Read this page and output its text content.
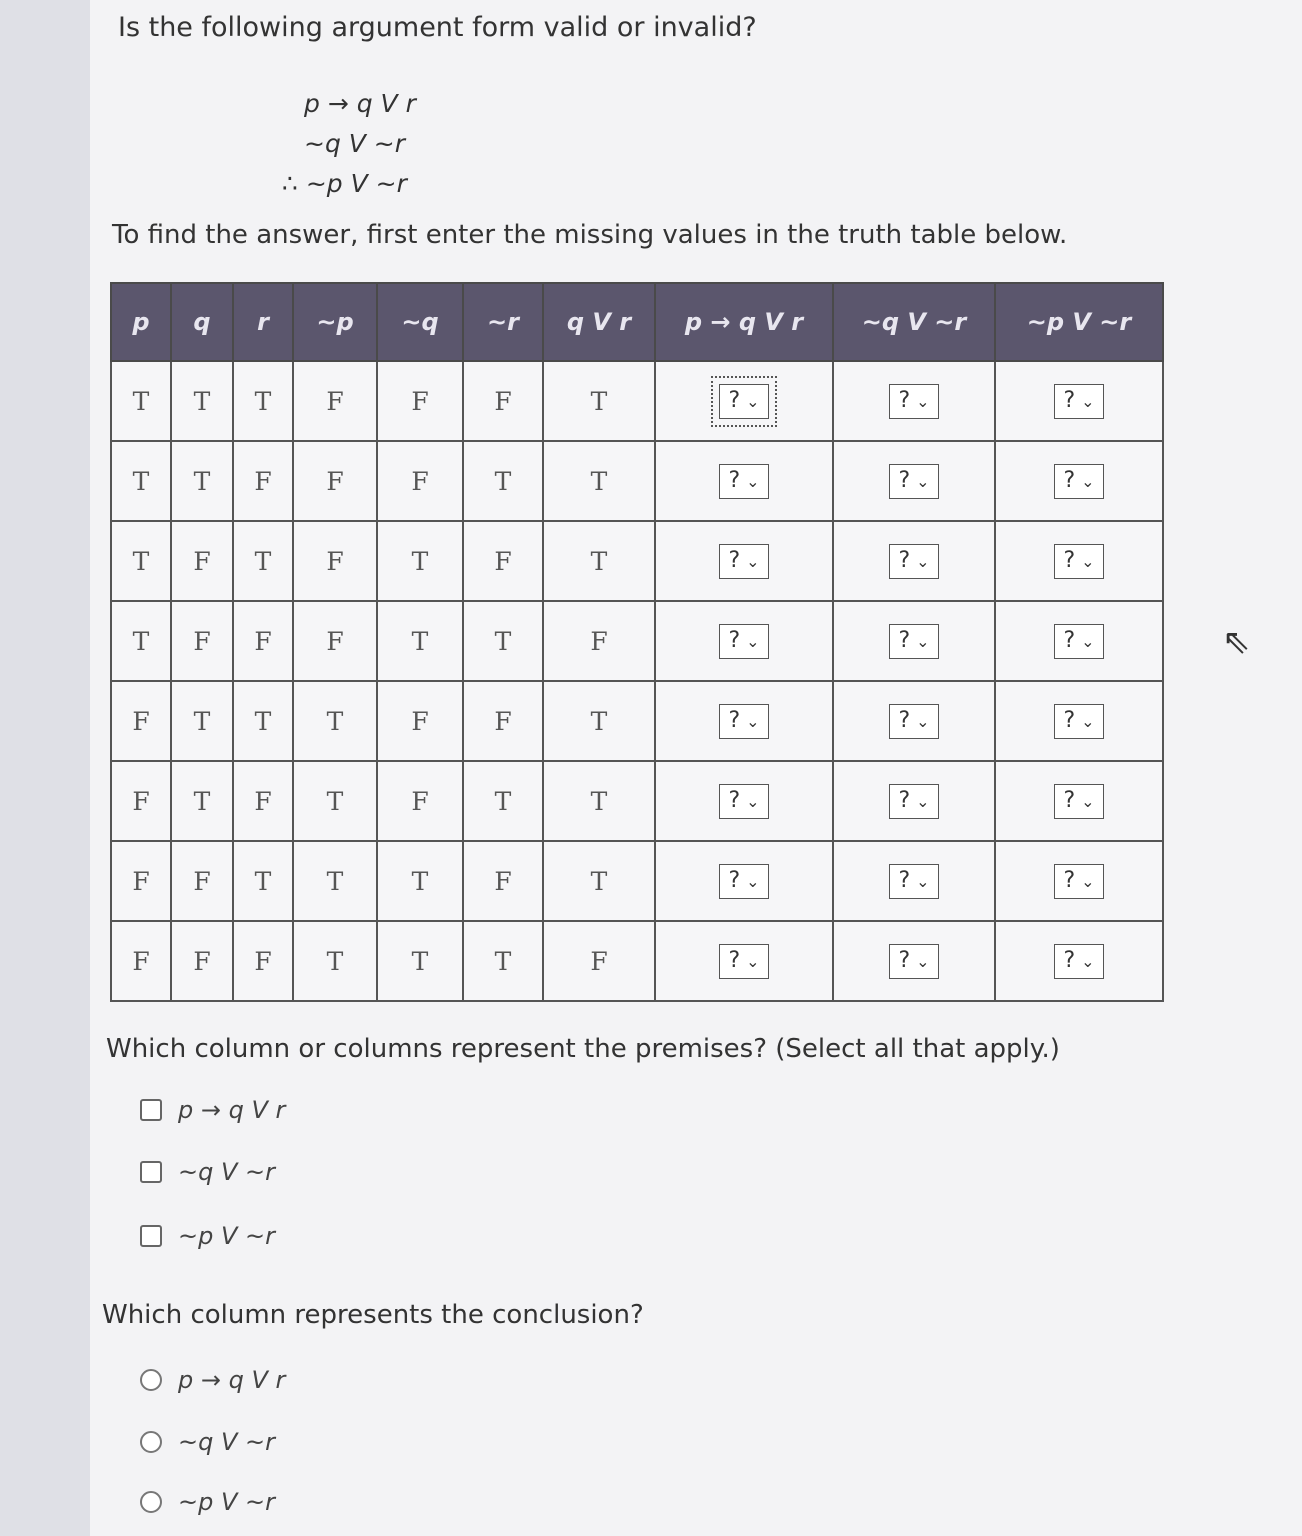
Is the following argument form valid or invalid?
p → q V r
~q V ~r
∴ ~p V ~r
To find the answer, first enter the missing values in the truth table below.
p	q	r	~p	~q	~r	q V r	p → q V r	~q V ~r	~p V ~r
T	T	T	F	F	F	T	? ⌄	? ⌄	? ⌄
T	T	F	F	F	T	T	? ⌄	? ⌄	? ⌄
T	F	T	F	T	F	T	? ⌄	? ⌄	? ⌄
T	F	F	F	T	T	F	? ⌄	? ⌄	? ⌄
F	T	T	T	F	F	T	? ⌄	? ⌄	? ⌄
F	T	F	T	F	T	T	? ⌄	? ⌄	? ⌄
F	F	T	T	T	F	T	? ⌄	? ⌄	? ⌄
F	F	F	T	T	T	F	? ⌄	? ⌄	? ⌄
Which column or columns represent the premises? (Select all that apply.)
p → q V r
~q V ~r
~p V ~r
Which column represents the conclusion?
p → q V r
~q V ~r
~p V ~r
⇖
